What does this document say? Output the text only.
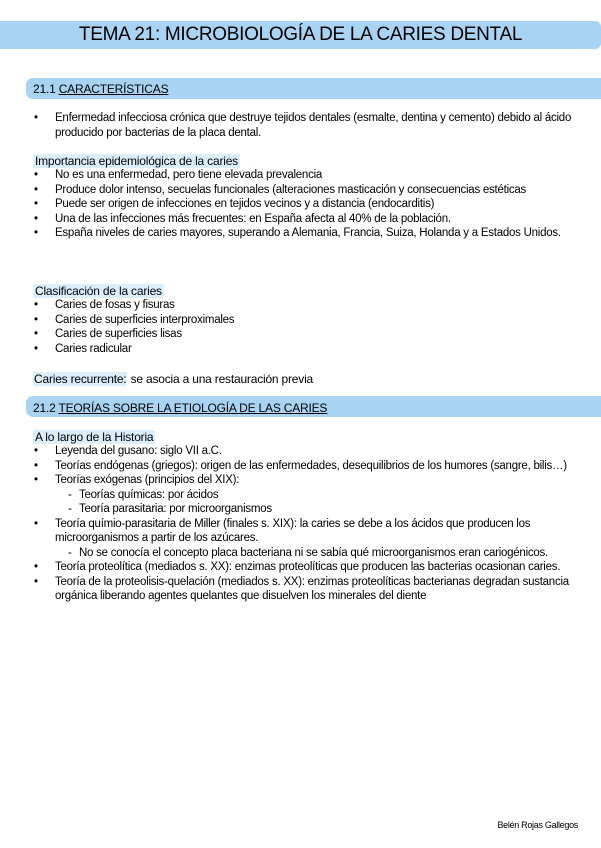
TEMA 21: MICROBIOLOGÍA DE LA CARIES DENTAL
21.1 CARACTERÍSTICAS
• Enfermedad infecciosa crónica que destruye tejidos dentales (esmalte, dentina y cemento) debido al ácido producido por bacterias de la placa dental.
Importancia epidemiológica de la caries
• No es una enfermedad, pero tiene elevada prevalencia
• Produce dolor intenso, secuelas funcionales (alteraciones masticación y consecuencias estéticas
• Puede ser origen de infecciones en tejidos vecinos y a distancia (endocarditis)
• Una de las infecciones más frecuentes: en España afecta al 40% de la población.
• España niveles de caries mayores, superando a Alemania, Francia, Suiza, Holanda y a Estados Unidos.
Clasificación de la caries
• Caries de fosas y fisuras
• Caries de superficies interproximales
• Caries de superficies lisas
• Caries radicular
Caries recurrente: se asocia a una restauración previa
21.2 TEORÍAS SOBRE LA ETIOLOGÍA DE LAS CARIES
A lo largo de la Historia
• Leyenda del gusano: siglo VII a.C.
• Teorías endógenas (griegos): origen de las enfermedades, desequilibrios de los humores (sangre, bilis…)
• Teorías exógenas (principios del XIX):
- Teorías químicas: por ácidos
- Teoría parasitaria: por microorganismos
• Teoría químio-parasitaria de Miller (finales s. XIX): la caries se debe a los ácidos que producen los microorganismos a partir de los azúcares.
- No se conocía el concepto placa bacteriana ni se sabía qué microorganismos eran cariogénicos.
• Teoría proteolítica (mediados s. XX): enzimas proteolíticas que producen las bacterias ocasionan caries.
• Teoría de la proteolisis-quelación (mediados s. XX): enzimas proteolíticas bacterianas degradan sustancia orgánica liberando agentes quelantes que disuelven los minerales del diente
Belén Rojas Gallegos
